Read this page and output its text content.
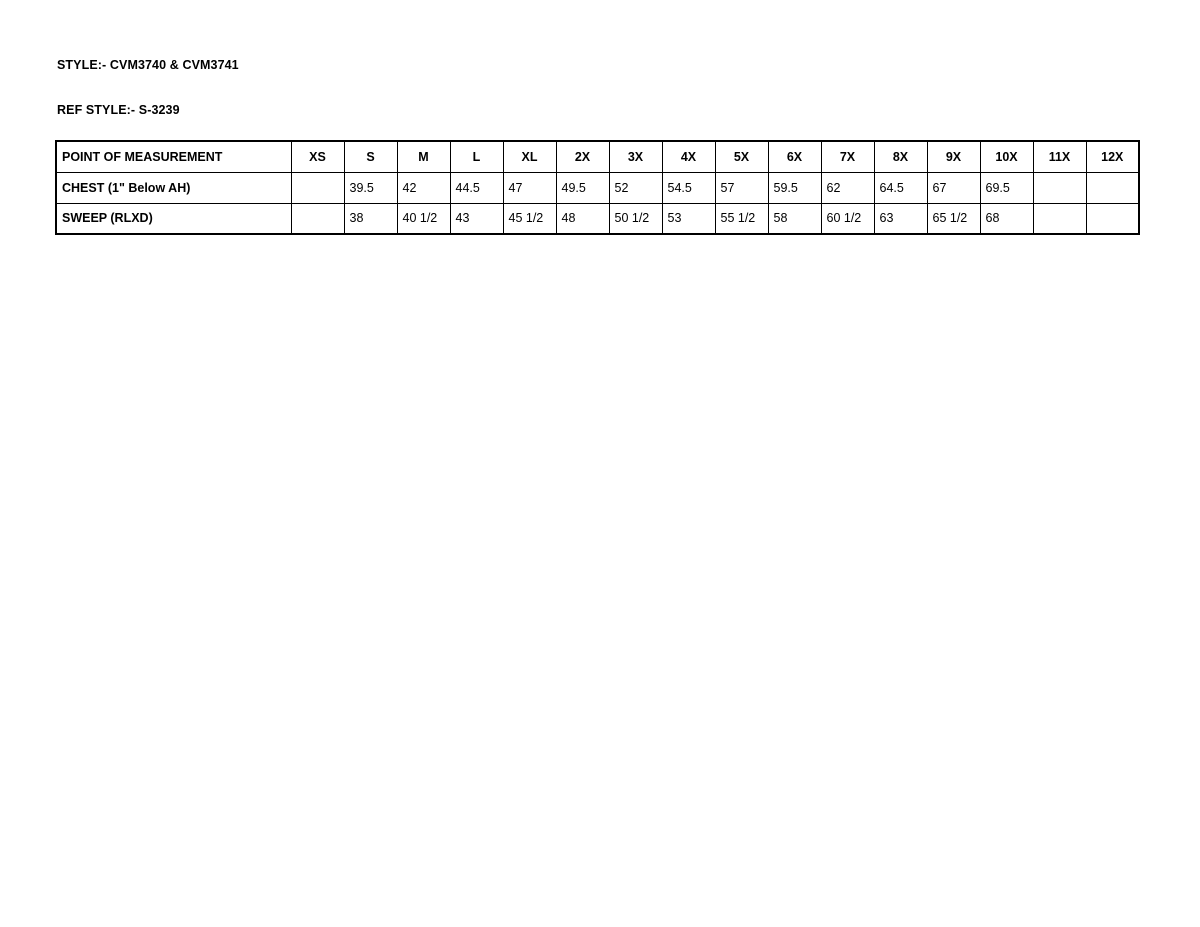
STYLE:- CVM3740 & CVM3741
REF STYLE:- S-3239
POINT OF MEASUREMENT	XS	S	M	L	XL	2X	3X	4X	5X	6X	7X	8X	9X	10X	11X	12X
CHEST (1" Below AH)		39.5	42	44.5	47	49.5	52	54.5	57	59.5	62	64.5	67	69.5		
SWEEP (RLXD)		38	40 1/2	43	45 1/2	48	50 1/2	53	55 1/2	58	60 1/2	63	65 1/2	68		
